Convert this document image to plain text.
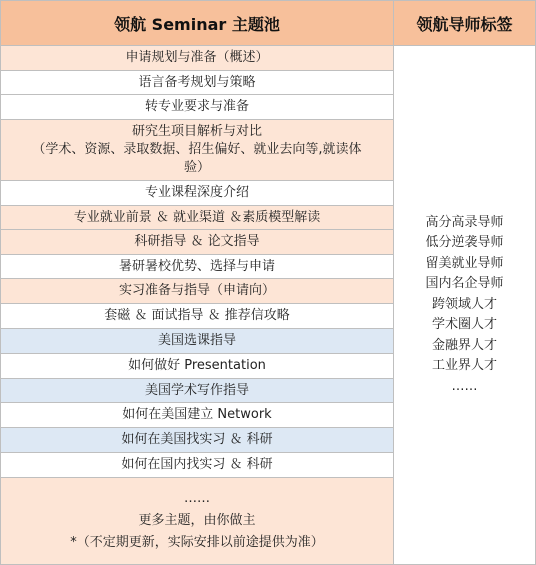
领航 Seminar 主题池	领航导师标签
申请规划与准备（概述）
语言备考规划与策略
转专业要求与准备
研究生项目解析与对比
（学术、资源、录取数据、招生偏好、就业去向等,就读体
验）
专业课程深度介绍
专业就业前景 ＆ 就业渠道 ＆素质模型解读
科研指导 ＆ 论文指导
暑研暑校优势、选择与申请
实习准备与指导（申请向）
套磁 ＆ 面试指导 ＆ 推荐信攻略
美国选课指导
如何做好 Presentation
美国学术写作指导
如何在美国建立 Network
如何在美国找实习 ＆ 科研
如何在国内找实习 ＆ 科研
……
更多主题，由你做主
*（不定期更新，实际安排以前途提供为准）
高分高录导师
低分逆袭导师
留美就业导师
国内名企导师
跨领域人才
学术圈人才
金融界人才
工业界人才
……
